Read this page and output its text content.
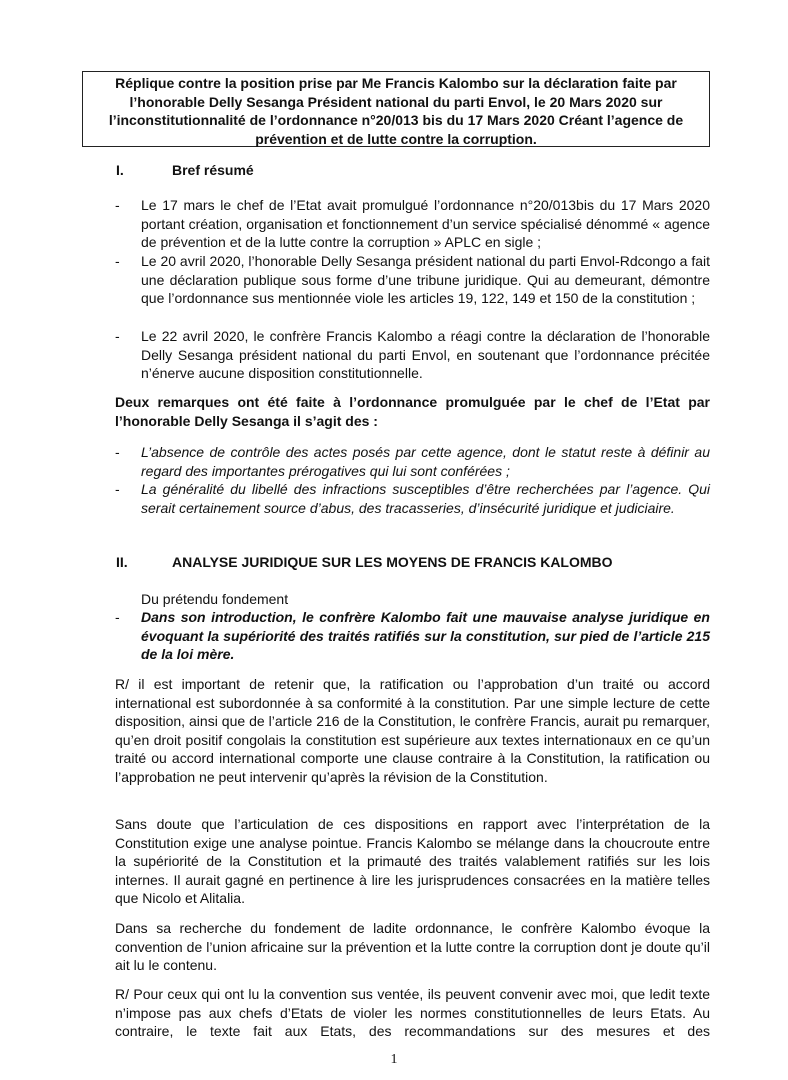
Réplique contre la position prise par Me Francis Kalombo sur la déclaration faite par l’honorable Delly Sesanga Président national du parti Envol, le 20 Mars 2020 sur l’inconstitutionnalité de l’ordonnance n°20/013 bis du 17 Mars 2020 Créant l’agence de prévention et de lutte contre la corruption.

I.	Bref résumé
- Le 17 mars le chef de l’Etat avait promulgué l’ordonnance n°20/013bis du 17 Mars 2020 portant création, organisation et fonctionnement d’un service spécialisé dénommé « agence de prévention et de la lutte contre la corruption » APLC en sigle ;

- Le 20 avril 2020, l’honorable Delly Sesanga président national du parti Envol-Rdcongo a fait une déclaration publique sous forme d’une tribune juridique. Qui au demeurant, démontre que l’ordonnance sus mentionnée viole les articles 19, 122, 149 et 150 de la constitution ;

- Le 22 avril 2020, le confrère Francis Kalombo a réagi contre la déclaration de l’honorable Delly Sesanga président national du parti Envol, en soutenant que l’ordonnance précitée n’énerve aucune disposition constitutionnelle.

Deux remarques ont été faite à l’ordonnance promulguée par le chef de l’Etat par l’honorable Delly Sesanga il s’agit des :

- L’absence de contrôle des actes posés par cette agence, dont le statut reste à définir au regard des importantes prérogatives qui lui sont conférées ;

- La généralité du libellé des infractions susceptibles d’être recherchées par l’agence. Qui serait certainement source d’abus, des tracasseries, d’insécurité juridique et judiciaire.

II.	ANALYSE JURIDIQUE SUR LES MOYENS DE FRANCIS KALOMBO

Du prétendu fondement

- Dans son introduction, le confrère Kalombo fait une mauvaise analyse juridique en évoquant la supériorité des traités ratifiés sur la constitution, sur pied de l’article 215 de la loi mère.

R/ il est important de retenir que, la ratification ou l’approbation d’un traité ou accord international est subordonnée à sa conformité à la constitution. Par une simple lecture de cette disposition, ainsi que de l’article 216 de la Constitution, le confrère Francis, aurait pu remarquer, qu’en droit positif congolais la constitution est supérieure aux textes internationaux en ce qu’un traité ou accord international comporte une clause contraire à la Constitution, la ratification ou l’approbation ne peut intervenir qu’après la révision de la Constitution.

Sans doute que l’articulation de ces dispositions en rapport avec l’interprétation de la Constitution exige une analyse pointue. Francis Kalombo se mélange dans la choucroute entre la supériorité de la Constitution et la primauté des traités valablement ratifiés sur les lois internes. Il aurait gagné en pertinence à lire les jurisprudences consacrées en la matière telles que Nicolo et Alitalia.

Dans sa recherche du fondement de ladite ordonnance, le confrère Kalombo évoque la convention de l’union africaine sur la prévention et la lutte contre la corruption dont je doute qu’il ait lu le contenu.

R/ Pour ceux qui ont lu la convention sus ventée, ils peuvent convenir avec moi, que ledit texte n’impose pas aux chefs d’Etats de violer les normes constitutionnelles de leurs Etats. Au contraire, le texte fait aux Etats, des recommandations sur des mesures et des

1
